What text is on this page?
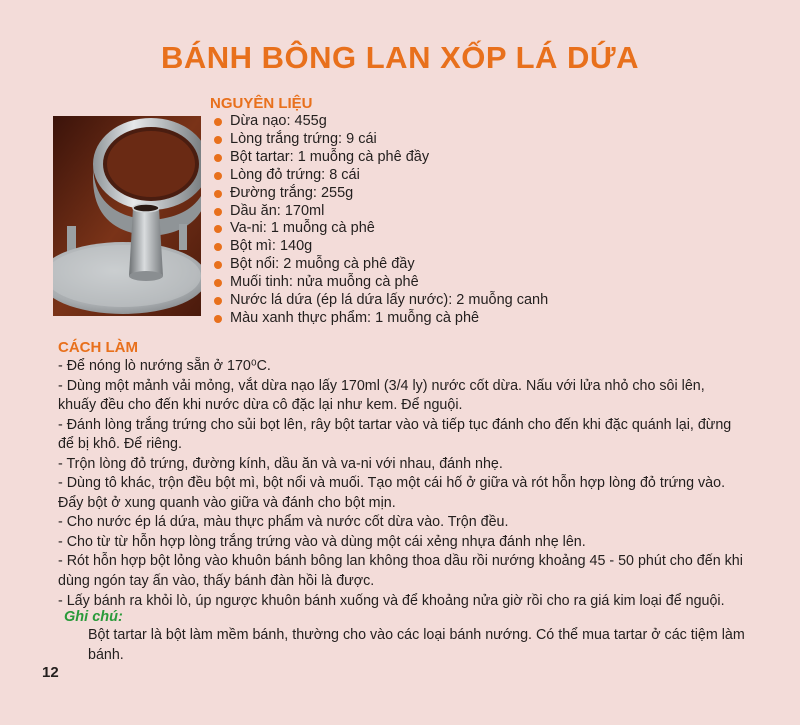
BÁNH BÔNG LAN XỐP LÁ DỨA
NGUYÊN LIỆU
Dừa nạo: 455g
Lòng trắng trứng: 9 cái
Bột tartar: 1 muỗng cà phê đầy
Lòng đỏ trứng: 8 cái
Đường trắng: 255g
Dầu ăn: 170ml
Va-ni: 1 muỗng cà phê
Bột mì: 140g
Bột nổi: 2 muỗng cà phê đầy
Muối tinh: nửa muỗng cà phê
Nước lá dứa (ép lá dứa lấy nước): 2 muỗng canh
Màu xanh thực phẩm: 1 muỗng cà phê
CÁCH LÀM

- Để nóng lò nướng sẵn ở 170⁰C.

- Dùng một mảnh vải mỏng, vắt dừa nạo lấy 170ml (3/4 ly) nước cốt dừa. Nấu với lửa nhỏ cho sôi lên, khuấy đều cho đến khi nước dừa cô đặc lại như kem. Để nguội.

- Đánh lòng trắng trứng cho sủi bọt lên, rây bột tartar vào và tiếp tục đánh cho đến khi đặc quánh lại, đừng để bị khô. Để riêng.

- Trộn lòng đỏ trứng, đường kính, dầu ăn và va-ni với nhau, đánh nhẹ.

- Dùng tô khác, trộn đều bột mì, bột nổi và muối. Tạo một cái hố ở giữa và rót hỗn hợp lòng đỏ trứng vào. Đẩy bột ở xung quanh vào giữa và đánh cho bột mịn.

- Cho nước ép lá dứa, màu thực phẩm và nước cốt dừa vào. Trộn đều.

- Cho từ từ hỗn hợp lòng trắng trứng vào và dùng một cái xẻng nhựa đánh nhẹ lên.

- Rót hỗn hợp bột lỏng vào khuôn bánh bông lan không thoa dầu rồi nướng khoảng 45 - 50 phút cho đến khi dùng ngón tay ấn vào, thấy bánh đàn hồi là được.

- Lấy bánh ra khỏi lò, úp ngược khuôn bánh xuống và để khoảng nửa giờ rồi cho ra giá kim loại để nguội.

Ghi chú:
Bột tartar là bột làm mềm bánh, thường cho vào các loại bánh nướng. Có thể mua tartar ở các tiệm làm bánh.
12
